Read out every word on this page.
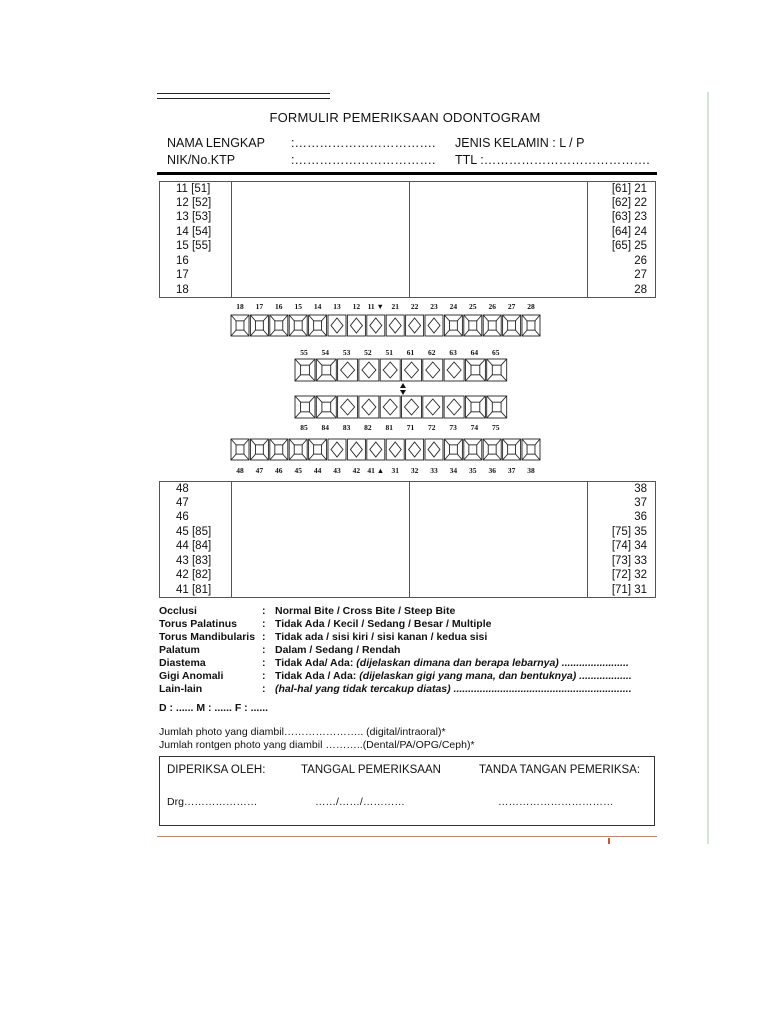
FORMULIR PEMERIKSAAN ODONTOGRAM
NAMA LENGKAP :……………………………. JENIS KELAMIN : L / P
NIK/No.KTP	:……………………………. TTL :………………………………….
11 [51]			[61] 21
12 [52]			[62] 22
13 [53]			[63] 23
14 [54]			[64] 24
15 [55]			[65] 25
16			26
17			27
18			28
18	17	16	15	14	13	12 11 ▼ 21	22	23	24	25	26	27	28
55	54	53	52	51	61	62	63	64	65
85	84	83	82	81	71	72	73	74	75
48	47	46	45	44	43	42 41 ▲ 31	32	33	34	35	36	37	38
48			38
47			37
46			36
45 [85]			[75] 35
44 [84]			[74] 34
43 [83]			[73] 33
42 [82]			[72] 32
41 [81]			[71] 31
Occlusi	: Normal Bite / Cross Bite / Steep Bite
Torus Palatinus	: Tidak Ada / Kecil / Sedang / Besar / Multiple
Torus Mandibularis : Tidak ada / sisi kiri / sisi kanan / kedua sisi
Palatum	: Dalam / Sedang / Rendah
Diastema	: Tidak Ada/ Ada: (dijelaskan dimana dan berapa lebarnya) .......................
Gigi Anomali	: Tidak Ada / Ada: (dijelaskan gigi yang mana, dan bentuknya) ..................
Lain-lain	: (hal-hal yang tidak tercakup diatas) .............................................................
D : ...... M : ...... F : ......
Jumlah photo yang diambil………………….. (digital/intraoral)*
Jumlah rontgen photo yang diambil ………..(Dental/PA/OPG/Ceph)*
DIPERIKSA OLEH:	TANGGAL PEMERIKSAAN	TANDA TANGAN PEMERIKSA:
Drg…………………	……/……/…………	……………………………
